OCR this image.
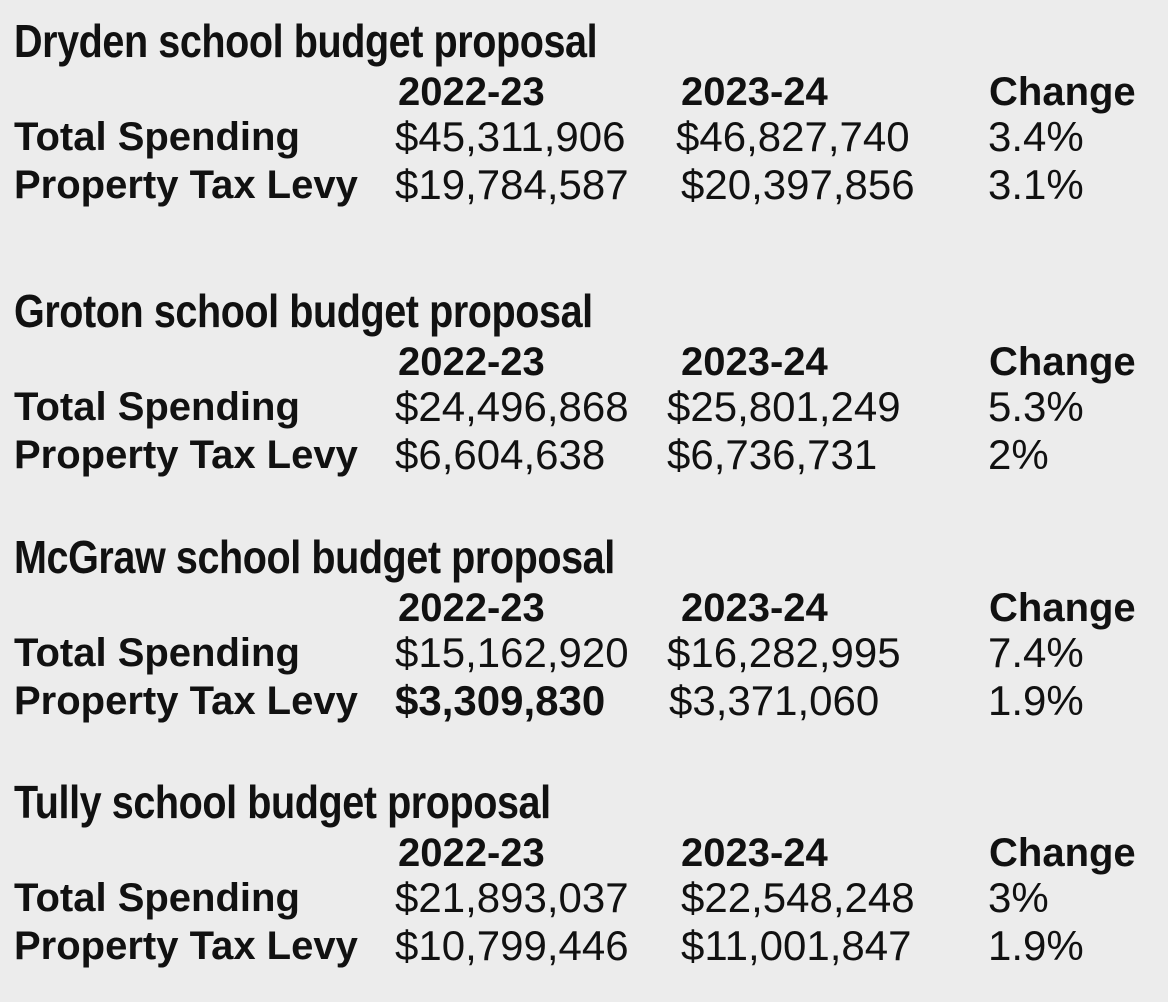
Dryden school budget proposal
2022-23	2023-24	Change
Total Spending $45,311,906 $46,827,740 3.4%
Property Tax Levy $19,784,587 $20,397,856 3.1%
Groton school budget proposal
2022-23	2023-24	Change
Total Spending $24,496,868 $25,801,249 5.3%
Property Tax Levy $6,604,638 $6,736,731	2%
McGraw school budget proposal
2022-23	2023-24	Change
Total Spending $15,162,920 $16,282,995 7.4%
Property Tax Levy $3,309,830 $3,371,060	1.9%
Tully school budget proposal
2022-23	2023-24	Change
Total Spending $21,893,037 $22,548,248 3%
Property Tax Levy $10,799,446 $11,001,847 1.9%
